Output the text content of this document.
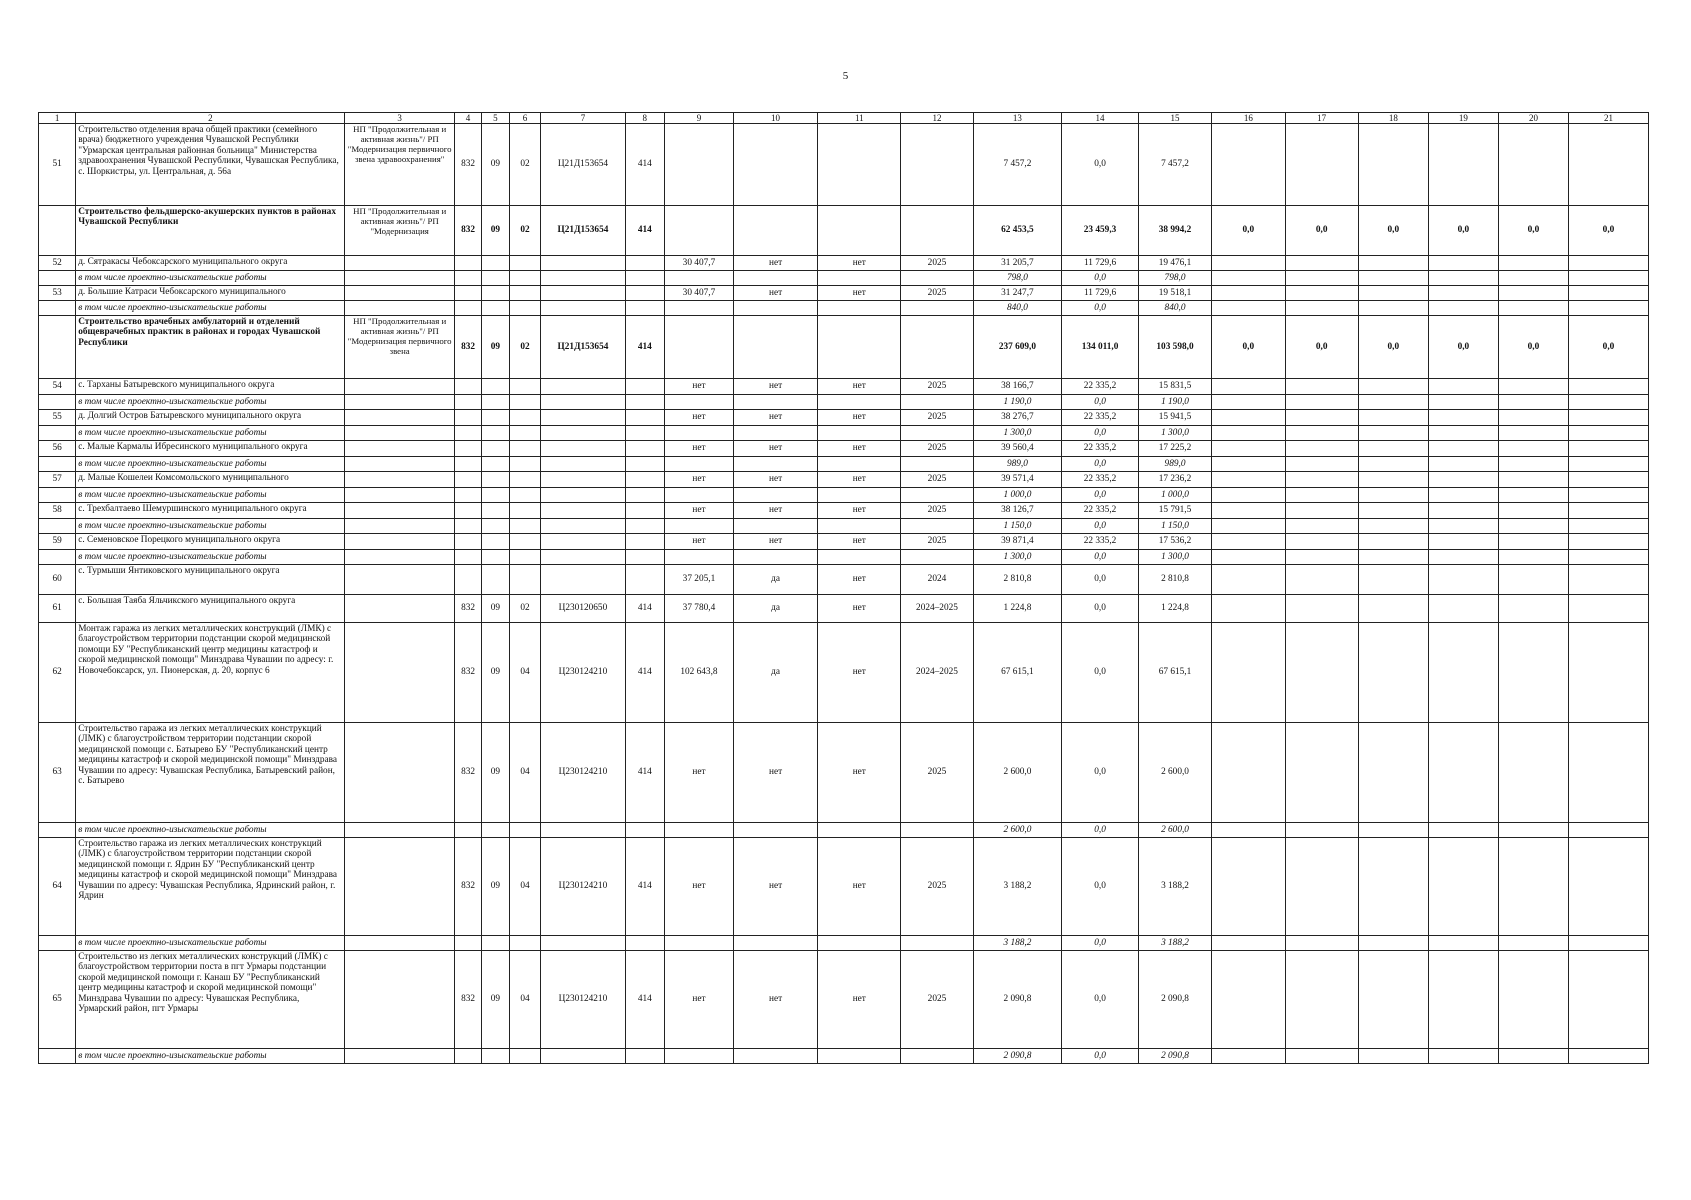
5
1	2	3	4	5	6	7	8	9	10	11	12	13	14	15	16	17	18	19	20	21
51	Строительство отделения врача общей практики (семейного врача) бюджетного учреждения Чувашской Республики "Урмарская центральная районная больница" Министерства здравоохранения Чувашской Республики, Чувашская Республика, с. Шоркистры, ул. Центральная, д. 56а	НП "Продолжительная и активная жизнь"/ РП "Модернизация первичного звена здравоохранения"	832	09	02	Ц21Д153654	414					7 457,2	0,0	7 457,2						
	Строительство фельдшерско-акушерских пунктов в районах Чувашской Республики	НП "Продолжительная и активная жизнь"/ РП "Модернизация	832	09	02	Ц21Д153654	414					62 453,5	23 459,3	38 994,2	0,0	0,0	0,0	0,0	0,0	0,0
52	д. Сятракасы Чебоксарского муниципального округа							30 407,7	нет	нет	2025	31 205,7	11 729,6	19 476,1						
	в том числе проектно-изыскательские работы											798,0	0,0	798,0						
53	д. Большие Катраси Чебоксарского муниципального							30 407,7	нет	нет	2025	31 247,7	11 729,6	19 518,1						
	в том числе проектно-изыскательские работы											840,0	0,0	840,0						
	Строительство врачебных амбулаторий и отделений общеврачебных практик в районах и городах Чувашской Республики	НП "Продолжительная и активная жизнь"/ РП "Модернизация первичного звена	832	09	02	Ц21Д153654	414					237 609,0	134 011,0	103 598,0	0,0	0,0	0,0	0,0	0,0	0,0
54	с. Тарханы Батыревского муниципального округа							нет	нет	нет	2025	38 166,7	22 335,2	15 831,5						
	в том числе проектно-изыскательские работы											1 190,0	0,0	1 190,0						
55	д. Долгий Остров Батыревского муниципального округа							нет	нет	нет	2025	38 276,7	22 335,2	15 941,5						
	в том числе проектно-изыскательские работы											1 300,0	0,0	1 300,0						
56	с. Малые Кармалы Ибресинского муниципального округа							нет	нет	нет	2025	39 560,4	22 335,2	17 225,2						
	в том числе проектно-изыскательские работы											989,0	0,0	989,0						
57	д. Малые Кошелеи Комсомольского муниципального							нет	нет	нет	2025	39 571,4	22 335,2	17 236,2						
	в том числе проектно-изыскательские работы											1 000,0	0,0	1 000,0						
58	с. Трехбалтаево Шемуршинского муниципального округа							нет	нет	нет	2025	38 126,7	22 335,2	15 791,5						
	в том числе проектно-изыскательские работы											1 150,0	0,0	1 150,0						
59	с. Семеновское Порецкого муниципального округа							нет	нет	нет	2025	39 871,4	22 335,2	17 536,2						
	в том числе проектно-изыскательские работы											1 300,0	0,0	1 300,0						
60	с. Турмыши Янтиковского муниципального округа							37 205,1	да	нет	2024	2 810,8	0,0	2 810,8						
61	с. Большая Таяба Яльчикского муниципального округа		832	09	02	Ц230120650	414	37 780,4	да	нет	2024–2025	1 224,8	0,0	1 224,8						
62	Монтаж гаража из легких металлических конструкций (ЛМК) с благоустройством территории подстанции скорой медицинской помощи БУ "Республиканский центр медицины катастроф и скорой медицинской помощи" Минздрава Чувашии по адресу: г. Новочебоксарск, ул. Пионерская, д. 20, корпус 6		832	09	04	Ц230124210	414	102 643,8	да	нет	2024–2025	67 615,1	0,0	67 615,1						
63	Строительство гаража из легких металлических конструкций (ЛМК) с благоустройством территории подстанции скорой медицинской помощи с. Батырево БУ "Республиканский центр медицины катастроф и скорой медицинской помощи" Минздрава Чувашии по адресу: Чувашская Республика, Батыревский район, с. Батырево		832	09	04	Ц230124210	414	нет	нет	нет	2025	2 600,0	0,0	2 600,0						
	в том числе проектно-изыскательские работы											2 600,0	0,0	2 600,0						
64	Строительство гаража из легких металлических конструкций (ЛМК) с благоустройством территории подстанции скорой медицинской помощи г. Ядрин БУ "Республиканский центр медицины катастроф и скорой медицинской помощи" Минздрава Чувашии по адресу: Чувашская Республика, Ядринский район, г. Ядрин		832	09	04	Ц230124210	414	нет	нет	нет	2025	3 188,2	0,0	3 188,2						
	в том числе проектно-изыскательские работы											3 188,2	0,0	3 188,2						
65	Строительство из легких металлических конструкций (ЛМК) с благоустройством территории поста в пгт Урмары подстанции скорой медицинской помощи г. Канаш БУ "Республиканский центр медицины катастроф и скорой медицинской помощи" Минздрава Чувашии по адресу: Чувашская Республика, Урмарский район, пгт Урмары		832	09	04	Ц230124210	414	нет	нет	нет	2025	2 090,8	0,0	2 090,8						
	в том числе проектно-изыскательские работы											2 090,8	0,0	2 090,8						
